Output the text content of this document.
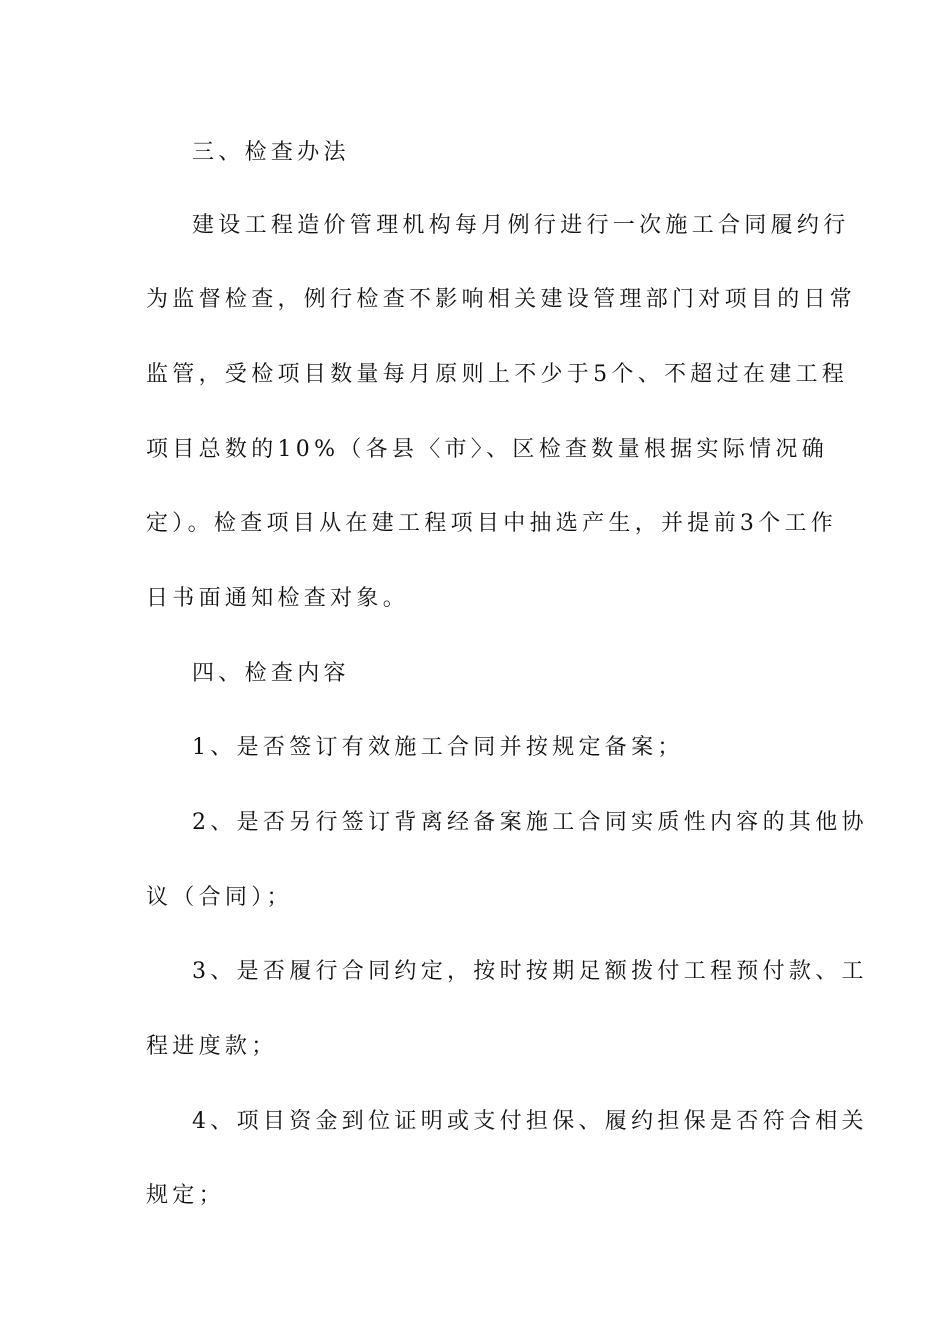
三、检查办法
建设工程造价管理机构每月例行进行一次施工合同履约行
为监督检查，例行检查不影响相关建设管理部门对项目的日常
监管，受检项目数量每月原则上不少于5个、不超过在建工程
项目总数的10%（各县〈市〉、区检查数量根据实际情况确
定）。检查项目从在建工程项目中抽选产生，并提前3个工作
日书面通知检查对象。
四、检查内容
1、是否签订有效施工合同并按规定备案；
2、是否另行签订背离经备案施工合同实质性内容的其他协
议（合同）；
3、是否履行合同约定，按时按期足额拨付工程预付款、工
程进度款；
4、项目资金到位证明或支付担保、履约担保是否符合相关
规定；
